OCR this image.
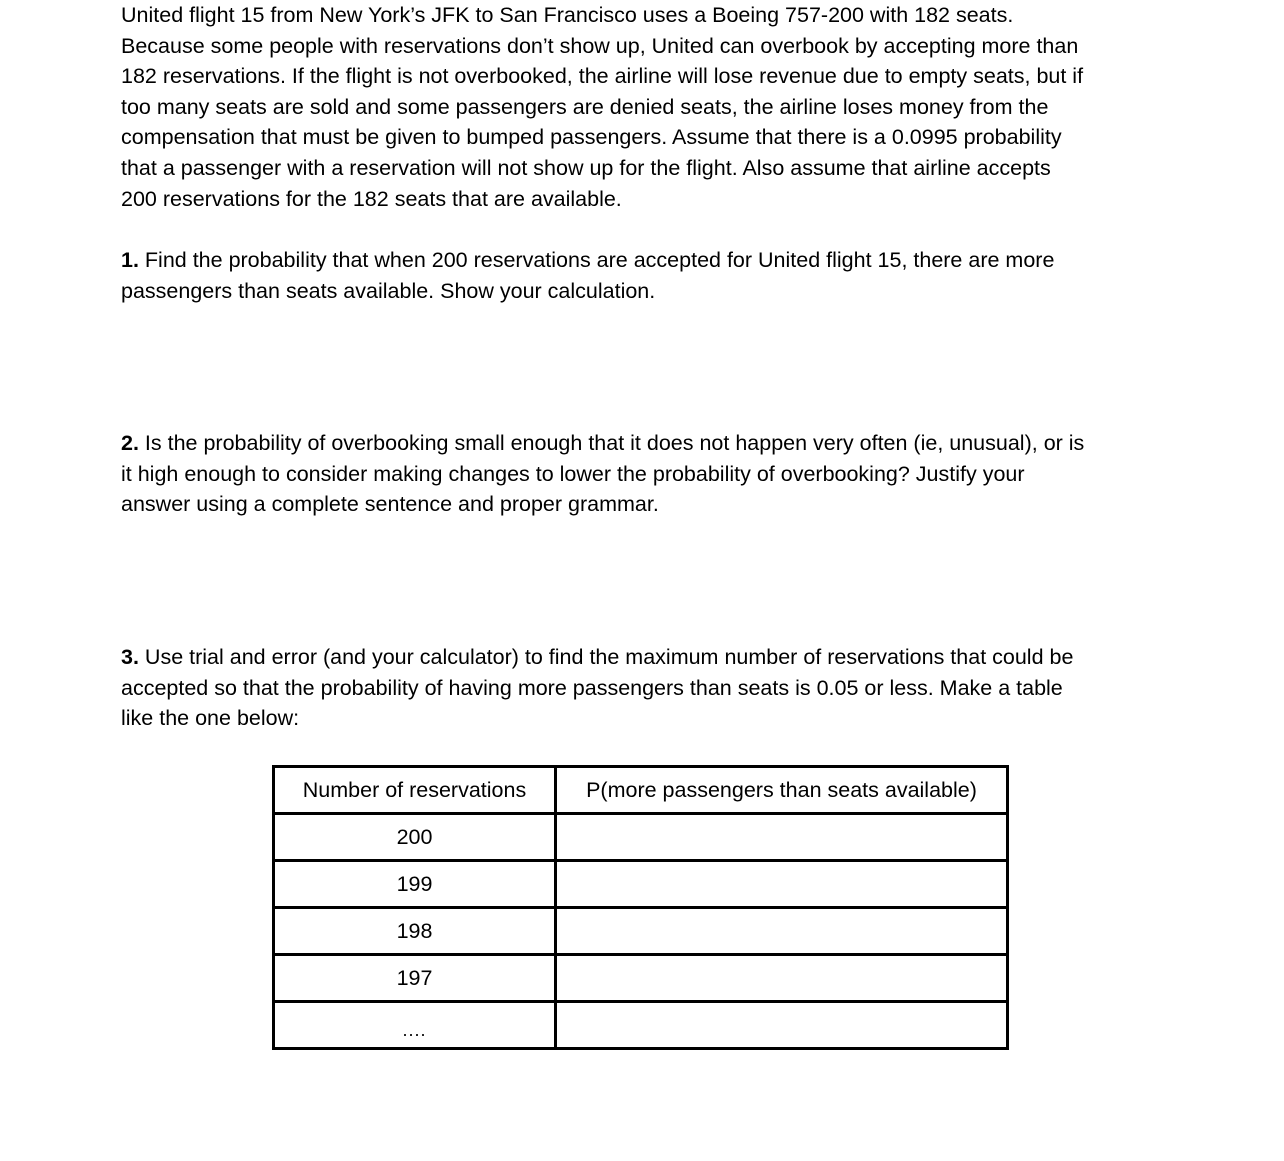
United flight 15 from New York’s JFK to San Francisco uses a Boeing 757-200 with 182 seats.

Because some people with reservations don’t show up, United can overbook by accepting more than

182 reservations. If the flight is not overbooked, the airline will lose revenue due to empty seats, but if

too many seats are sold and some passengers are denied seats, the airline loses money from the

compensation that must be given to bumped passengers. Assume that there is a 0.0995 probability

that a passenger with a reservation will not show up for the flight. Also assume that airline accepts

200 reservations for the 182 seats that are available.

1. Find the probability that when 200 reservations are accepted for United flight 15, there are more

passengers than seats available. Show your calculation.

2. Is the probability of overbooking small enough that it does not happen very often (ie, unusual), or is

it high enough to consider making changes to lower the probability of overbooking? Justify your

answer using a complete sentence and proper grammar.

3. Use trial and error (and your calculator) to find the maximum number of reservations that could be

accepted so that the probability of having more passengers than seats is 0.05 or less. Make a table

like the one below:

Number of reservations	P(more passengers than seats available)
200	
199	
198	
197	
....	
